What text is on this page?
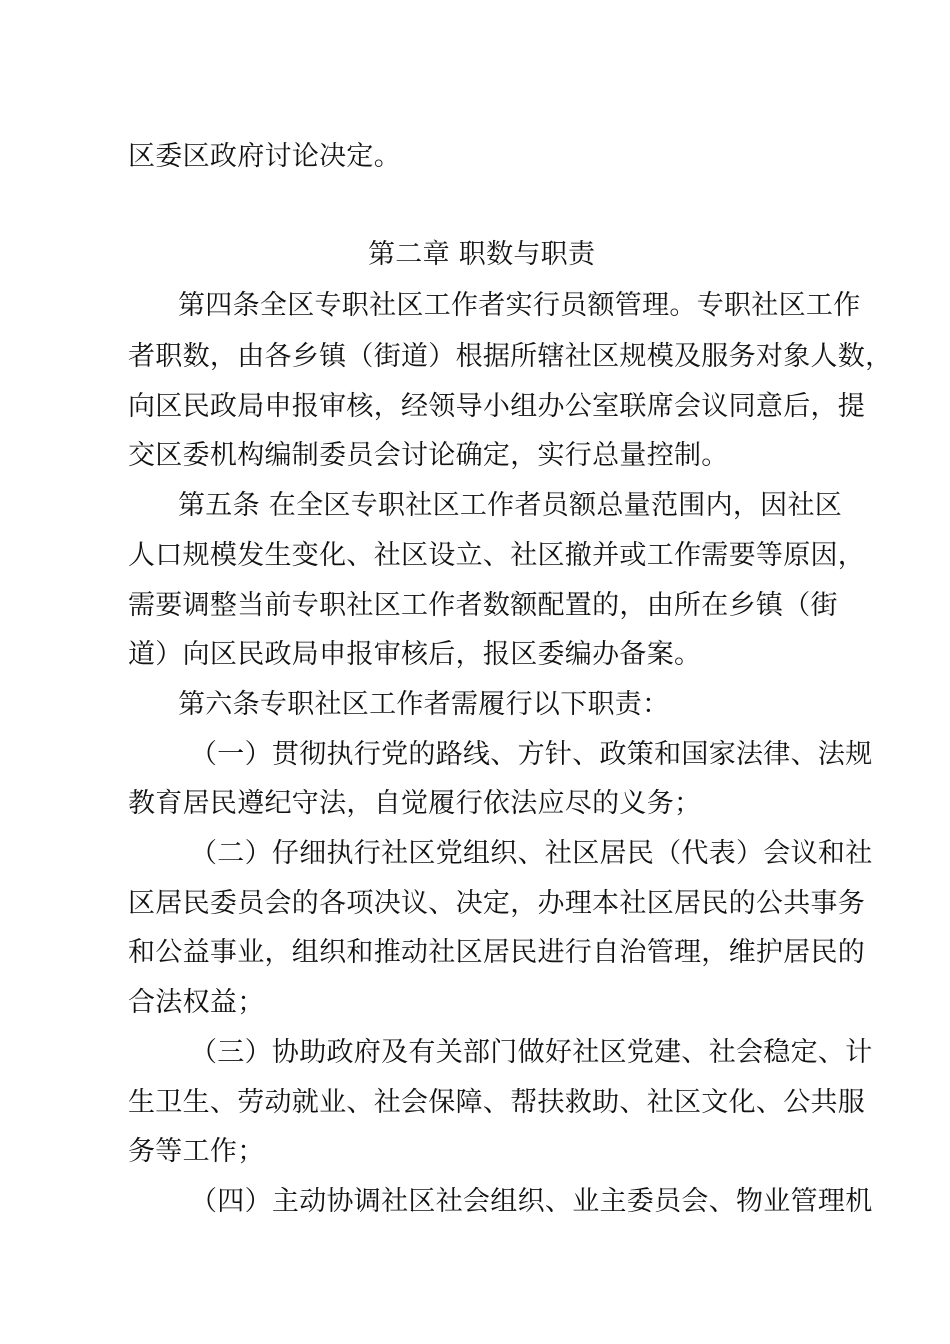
区委区政府讨论决定。
第二章 职数与职责
第四条全区专职社区工作者实行员额管理。专职社区工作
者职数，由各乡镇（街道）根据所辖社区规模及服务对象人数，
向区民政局申报审核，经领导小组办公室联席会议同意后，提
交区委机构编制委员会讨论确定，实行总量控制。
第五条 在全区专职社区工作者员额总量范围内，因社区
人口规模发生变化、社区设立、社区撤并或工作需要等原因，
需要调整当前专职社区工作者数额配置的，由所在乡镇（街
道）向区民政局申报审核后，报区委编办备案。
第六条专职社区工作者需履行以下职责：
（一）贯彻执行党的路线、方针、政策和国家法律、法规
教育居民遵纪守法，自觉履行依法应尽的义务；
（二）仔细执行社区党组织、社区居民（代表）会议和社
区居民委员会的各项决议、决定，办理本社区居民的公共事务
和公益事业，组织和推动社区居民进行自治管理，维护居民的
合法权益；
（三）协助政府及有关部门做好社区党建、社会稳定、计
生卫生、劳动就业、社会保障、帮扶救助、社区文化、公共服
务等工作；
（四）主动协调社区社会组织、业主委员会、物业管理机
